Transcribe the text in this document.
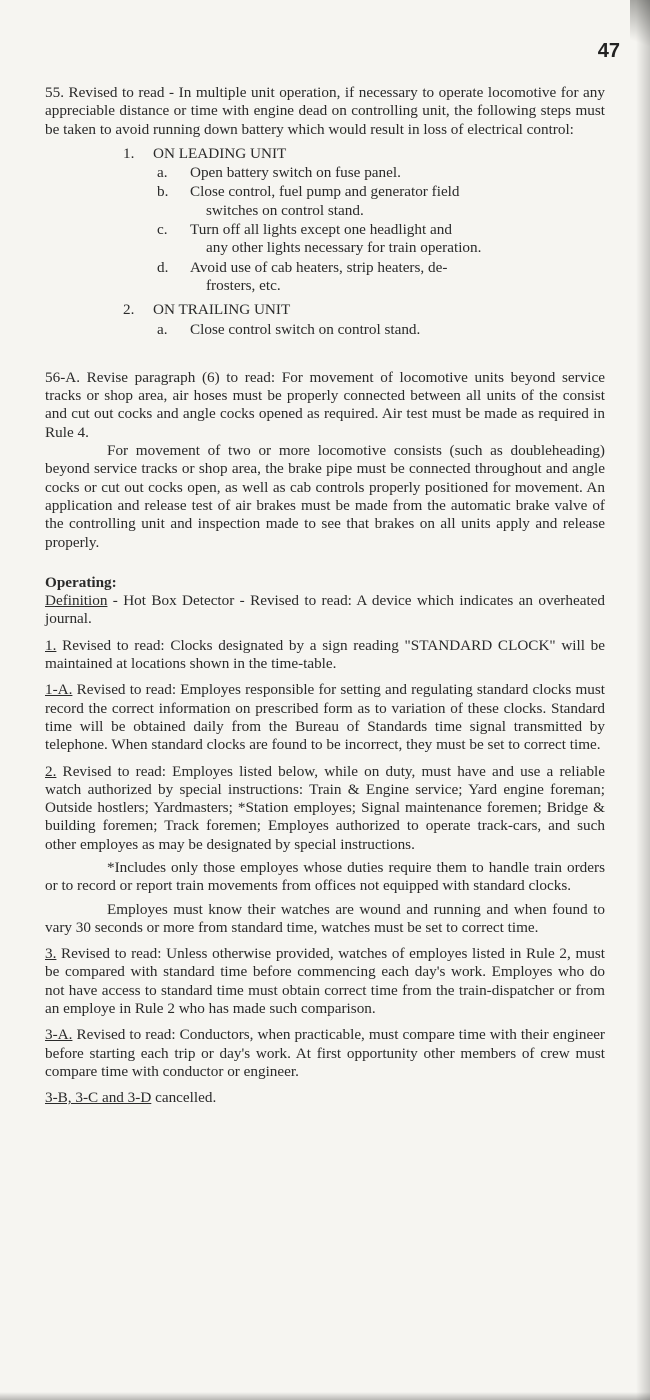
47

55. Revised to read - In multiple unit operation, if necessary to operate locomotive for any appreciable distance or time with engine dead on controlling unit, the following steps must be taken to avoid running down battery which would result in loss of electrical control:

1. ON LEADING UNIT
a. Open battery switch on fuse panel.
b. Close control, fuel pump and generator field
switches on control stand.
c. Turn off all lights except one headlight and
any other lights necessary for train operation.
d. Avoid use of cab heaters, strip heaters, de-
frosters, etc.
2. ON TRAILING UNIT
a. Close control switch on control stand.

56-A. Revise paragraph (6) to read: For movement of locomotive units beyond service tracks or shop area, air hoses must be properly connected between all units of the consist and cut out cocks and angle cocks opened as required. Air test must be made as required in Rule 4.

For movement of two or more locomotive consists (such as doubleheading) beyond service tracks or shop area, the brake pipe must be connected throughout and angle cocks or cut out cocks open, as well as cab controls properly positioned for movement. An application and release test of air brakes must be made from the automatic brake valve of the controlling unit and inspection made to see that brakes on all units apply and release properly.

Operating:

Definition - Hot Box Detector - Revised to read: A device which indicates an overheated journal.

1. Revised to read: Clocks designated by a sign reading "STANDARD CLOCK" will be maintained at locations shown in the time-table.

1-A. Revised to read: Employes responsible for setting and regulating standard clocks must record the correct information on prescribed form as to variation of these clocks. Standard time will be obtained daily from the Bureau of Standards time signal transmitted by telephone. When standard clocks are found to be incorrect, they must be set to correct time.

2. Revised to read: Employes listed below, while on duty, must have and use a reliable watch authorized by special instructions: Train & Engine service; Yard engine foreman; Outside hostlers; Yardmasters; *Station employes; Signal maintenance foremen; Bridge & building foremen; Track foremen; Employes authorized to operate track-cars, and such other employes as may be designated by special instructions.

*Includes only those employes whose duties require them to handle train orders or to record or report train movements from offices not equipped with standard clocks.

Employes must know their watches are wound and running and when found to vary 30 seconds or more from standard time, watches must be set to correct time.

3. Revised to read: Unless otherwise provided, watches of employes listed in Rule 2, must be compared with standard time before commencing each day's work. Employes who do not have access to standard time must obtain correct time from the train-dispatcher or from an employe in Rule 2 who has made such comparison.

3-A. Revised to read: Conductors, when practicable, must compare time with their engineer before starting each trip or day's work. At first opportunity other members of crew must compare time with conductor or engineer.

3-B, 3-C and 3-D cancelled.
